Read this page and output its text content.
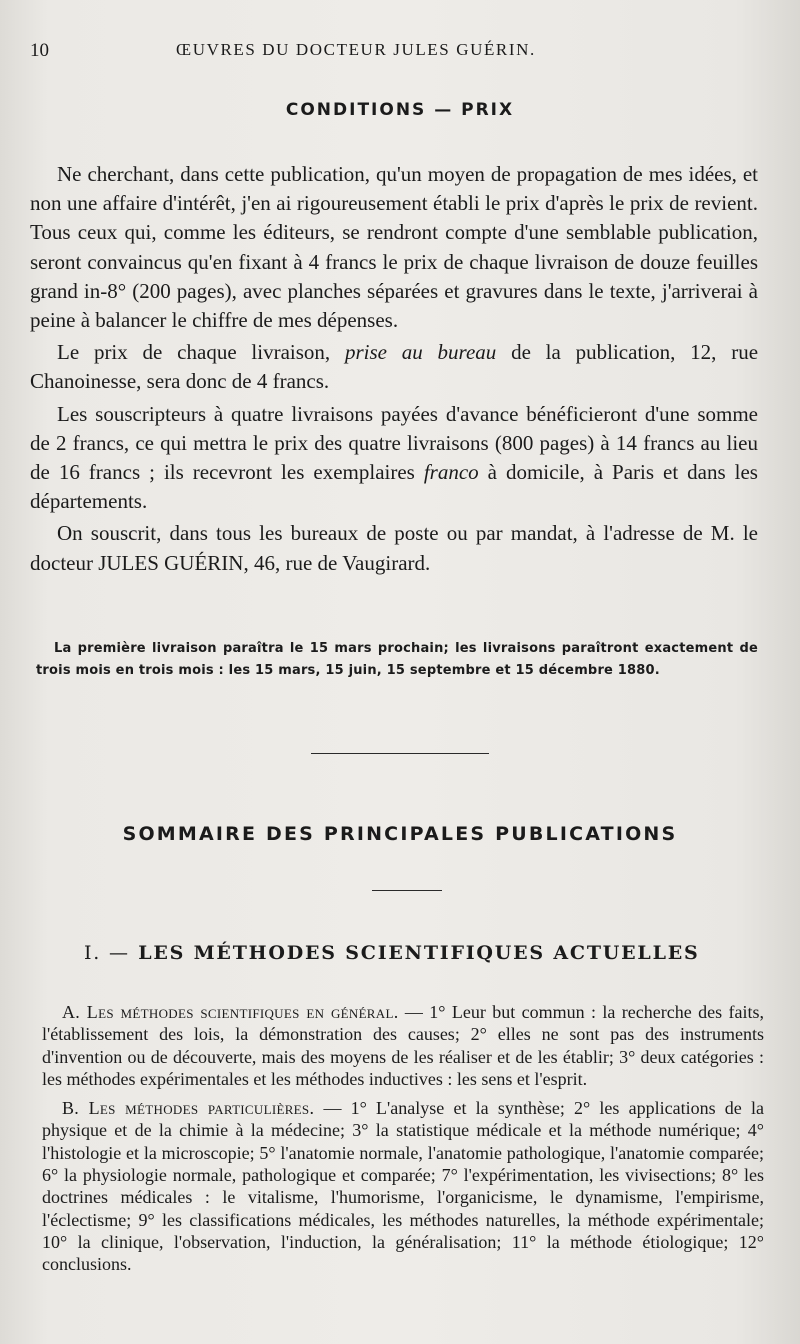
10	ŒUVRES DU DOCTEUR JULES GUÉRIN.
CONDITIONS — PRIX

Ne cherchant, dans cette publication, qu'un moyen de propagation de mes idées, et non une affaire d'intérêt, j'en ai rigoureusement établi le prix d'après le prix de revient. Tous ceux qui, comme les éditeurs, se rendront compte d'une semblable publication, seront convaincus qu'en fixant à 4 francs le prix de chaque livraison de douze feuilles grand in-8° (200 pages), avec planches séparées et gravures dans le texte, j'arriverai à peine à balancer le chiffre de mes dépenses.

Le prix de chaque livraison, prise au bureau de la publication, 12, rue Chanoinesse, sera donc de 4 francs.

Les souscripteurs à quatre livraisons payées d'avance bénéficieront d'une somme de 2 francs, ce qui mettra le prix des quatre livraisons (800 pages) à 14 francs au lieu de 16 francs ; ils recevront les exemplaires franco à domicile, à Paris et dans les départements.

On souscrit, dans tous les bureaux de poste ou par mandat, à l'adresse de M. le docteur JULES GUÉRIN, 46, rue de Vaugirard.

La première livraison paraîtra le 15 mars prochain; les livraisons paraîtront exactement de trois mois en trois mois : les 15 mars, 15 juin, 15 septembre et 15 décembre 1880.

SOMMAIRE DES PRINCIPALES PUBLICATIONS
I. — LES MÉTHODES SCIENTIFIQUES ACTUELLES

A. Les méthodes scientifiques en général. — 1° Leur but commun : la recherche des faits, l'établissement des lois, la démonstration des causes; 2° elles ne sont pas des instruments d'invention ou de découverte, mais des moyens de les réaliser et de les établir; 3° deux catégories : les méthodes expérimentales et les méthodes inductives : les sens et l'esprit.

B. Les méthodes particulières. — 1° L'analyse et la synthèse; 2° les applications de la physique et de la chimie à la médecine; 3° la statistique médicale et la méthode numérique; 4° l'histologie et la microscopie; 5° l'anatomie normale, l'anatomie pathologique, l'anatomie comparée; 6° la physiologie normale, pathologique et comparée; 7° l'expérimentation, les vivisections; 8° les doctrines médicales : le vitalisme, l'humorisme, l'organicisme, le dynamisme, l'empirisme, l'éclectisme; 9° les classifications médicales, les méthodes naturelles, la méthode expérimentale; 10° la clinique, l'observation, l'induction, la généralisation; 11° la méthode étiologique; 12° conclusions.
